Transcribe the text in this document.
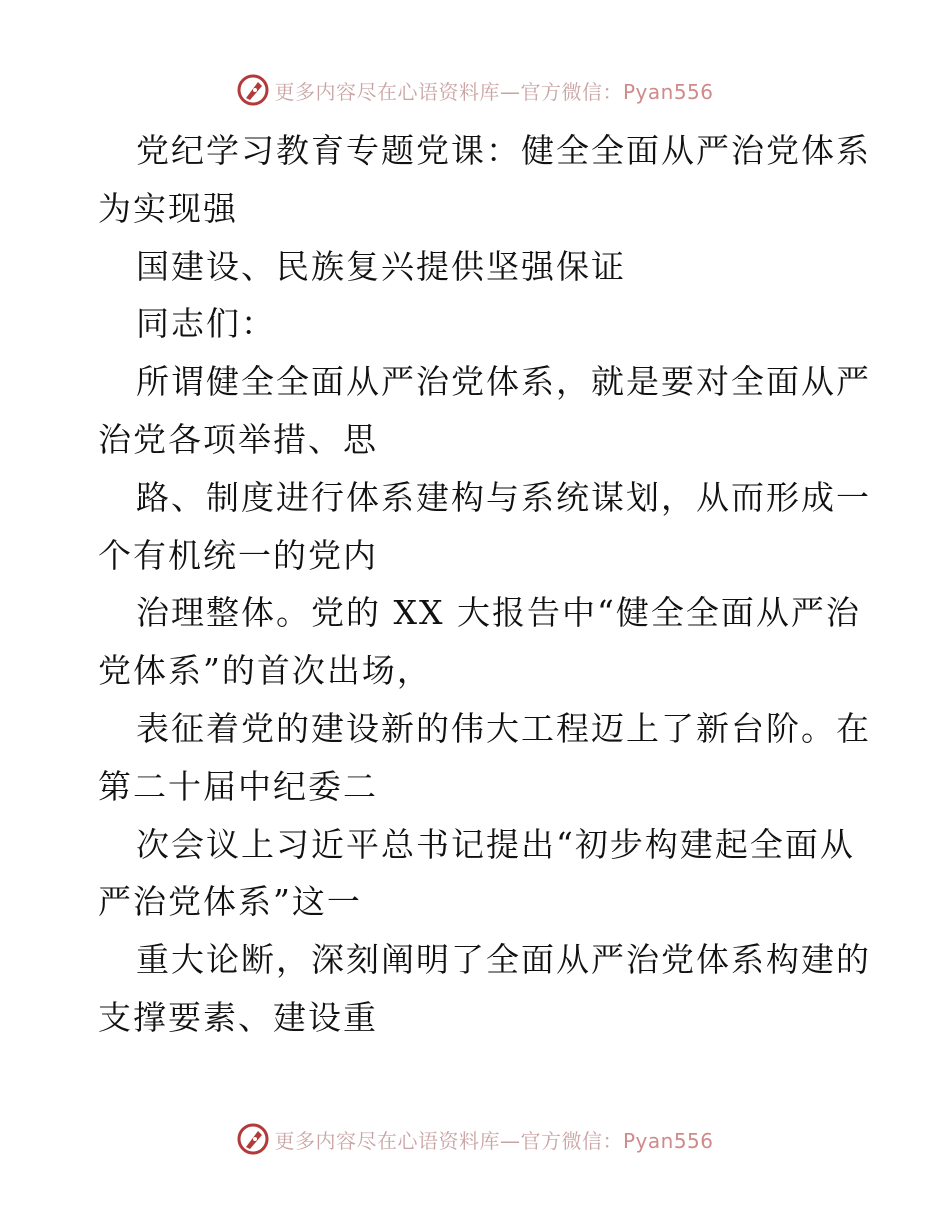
更多内容尽在心语资料库—官方微信：Pyan556
党纪学习教育专题党课：健全全面从严治党体系
为实现强
国建设、民族复兴提供坚强保证
同志们：
所谓健全全面从严治党体系，就是要对全面从严
治党各项举措、思
路、制度进行体系建构与系统谋划，从而形成一
个有机统一的党内
治理整体。党的 XX 大报告中“健全全面从严治
党体系”的首次出场，
表征着党的建设新的伟大工程迈上了新台阶。在
第二十届中纪委二
次会议上习近平总书记提出“初步构建起全面从
严治党体系”这一
重大论断，深刻阐明了全面从严治党体系构建的
支撑要素、建设重
更多内容尽在心语资料库—官方微信：Pyan556
